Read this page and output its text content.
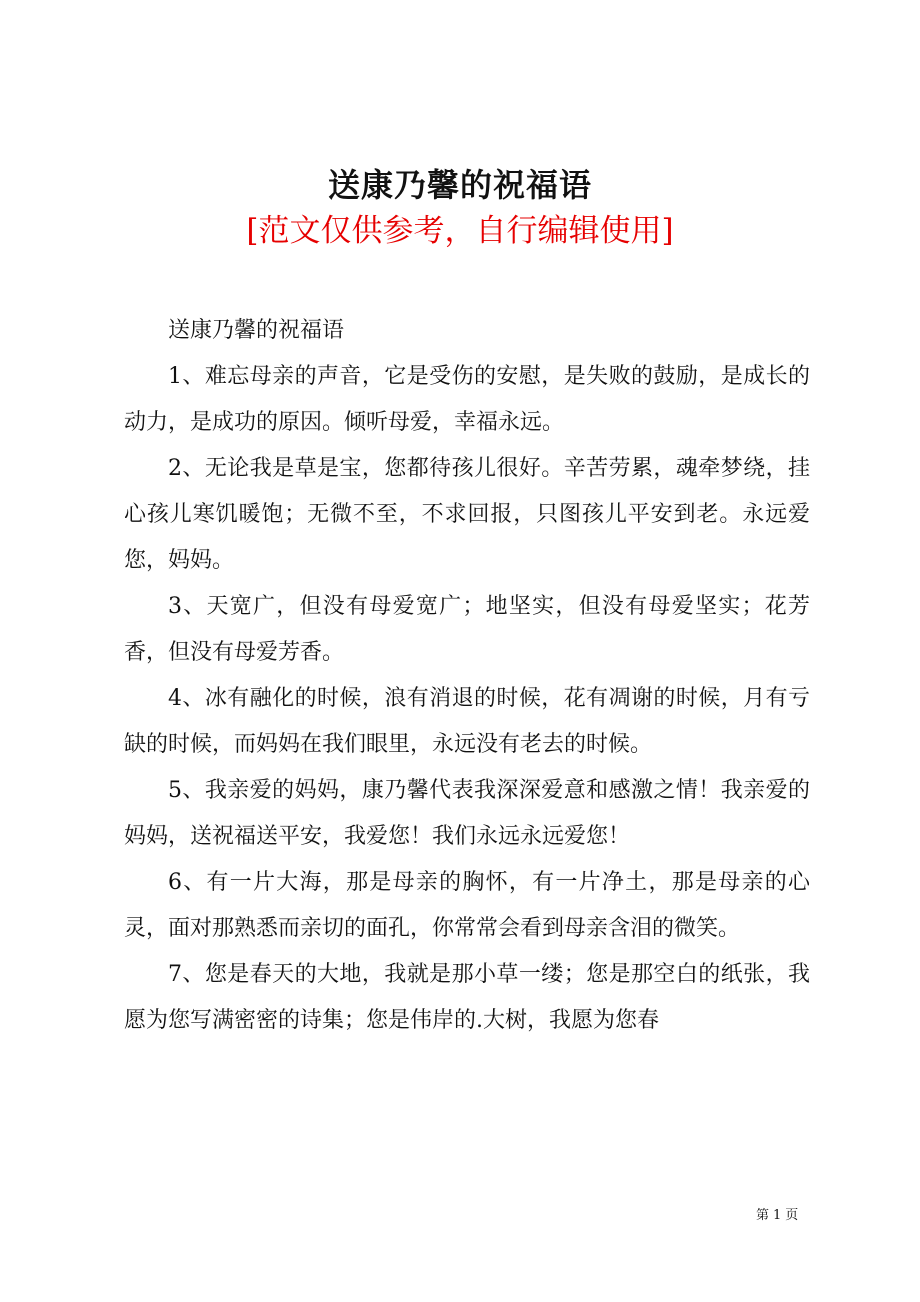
送康乃馨的祝福语
[范文仅供参考，自行编辑使用]

送康乃馨的祝福语

1、难忘母亲的声音，它是受伤的安慰，是失败的鼓励，是成长的动力，是成功的原因。倾听母爱，幸福永远。

2、无论我是草是宝，您都待孩儿很好。辛苦劳累，魂牵梦绕，挂心孩儿寒饥暖饱；无微不至，不求回报，只图孩儿平安到老。永远爱您，妈妈。

3、天宽广，但没有母爱宽广；地坚实，但没有母爱坚实；花芳香，但没有母爱芳香。

4、冰有融化的时候，浪有消退的时候，花有凋谢的时候，月有亏缺的时候，而妈妈在我们眼里，永远没有老去的时候。

5、我亲爱的妈妈，康乃馨代表我深深爱意和感激之情！我亲爱的妈妈，送祝福送平安，我爱您！我们永远永远爱您！

6、有一片大海，那是母亲的胸怀，有一片净土，那是母亲的心灵，面对那熟悉而亲切的面孔，你常常会看到母亲含泪的微笑。

7、您是春天的大地，我就是那小草一缕；您是那空白的纸张，我愿为您写满密密的诗集；您是伟岸的.大树，我愿为您春

第 1 页
